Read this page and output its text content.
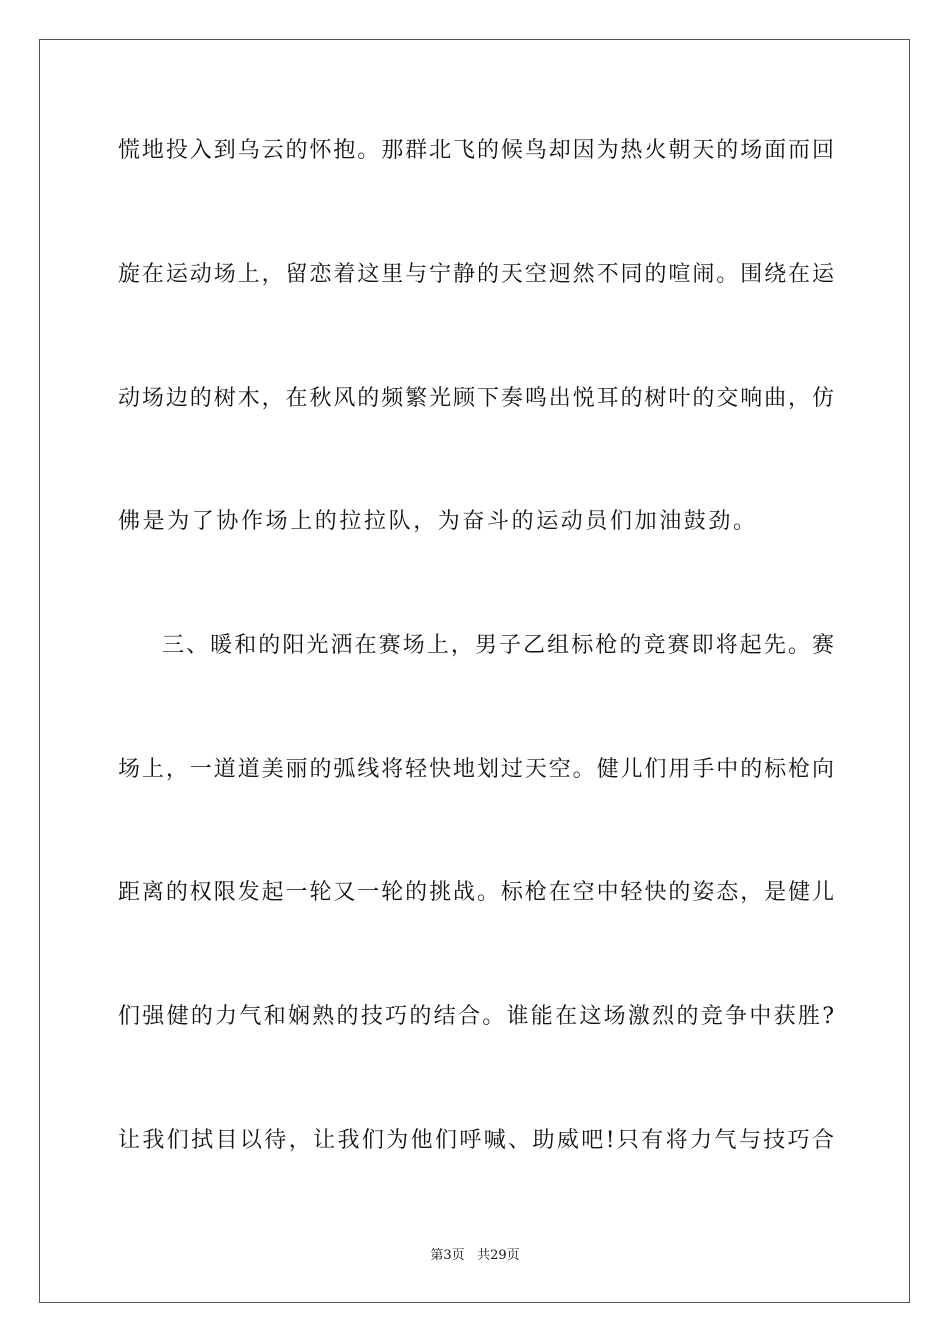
慌地投入到乌云的怀抱。那群北飞的候鸟却因为热火朝天的场面而回
旋在运动场上，留恋着这里与宁静的天空迥然不同的喧闹。围绕在运
动场边的树木，在秋风的频繁光顾下奏鸣出悦耳的树叶的交响曲，仿
佛是为了协作场上的拉拉队，为奋斗的运动员们加油鼓劲。
三、暖和的阳光洒在赛场上，男子乙组标枪的竞赛即将起先。赛
场上，一道道美丽的弧线将轻快地划过天空。健儿们用手中的标枪向
距离的权限发起一轮又一轮的挑战。标枪在空中轻快的姿态，是健儿
们强健的力气和娴熟的技巧的结合。谁能在这场激烈的竞争中获胜?
让我们拭目以待，让我们为他们呼喊、助威吧!只有将力气与技巧合
第3页 共29页
